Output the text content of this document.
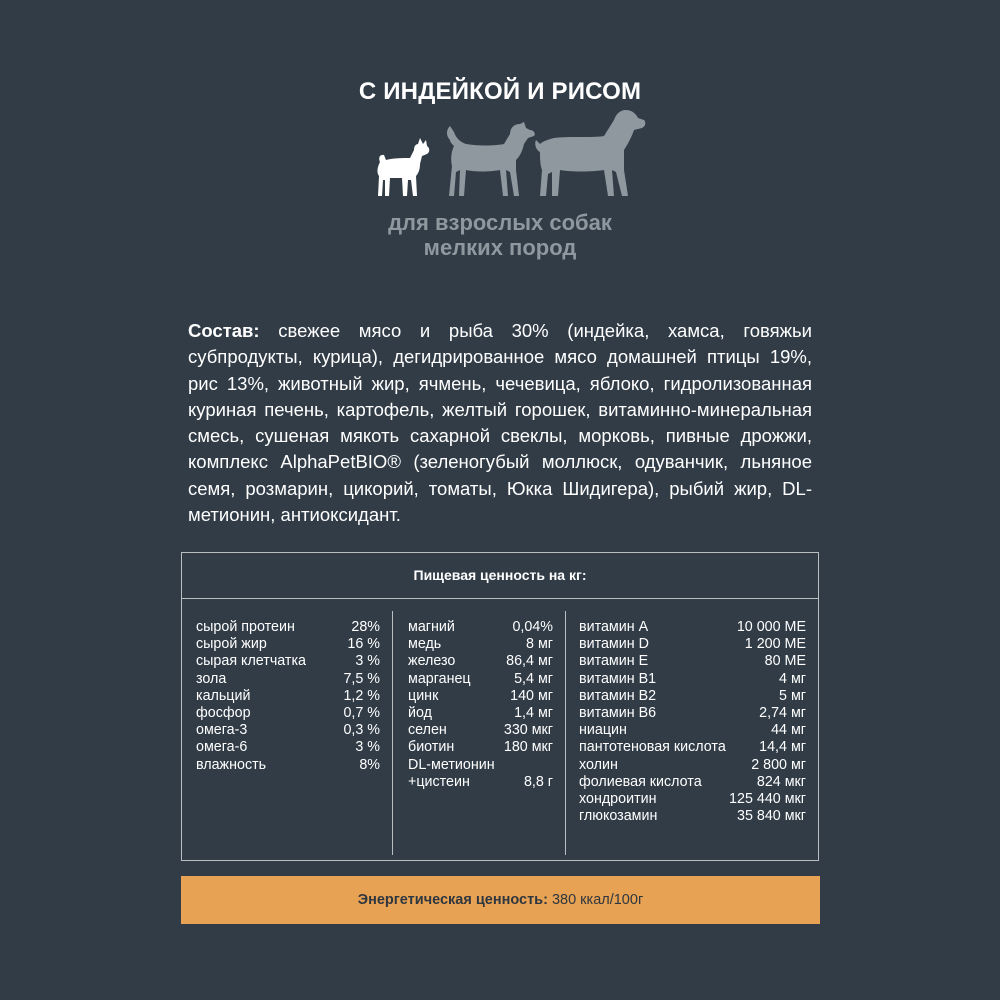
С ИНДЕЙКОЙ И РИСОМ
для взрослых собак
мелких пород
Состав: свежее мясо и рыба 30% (индейка, хамса, говяжьи субпродукты, курица), дегидрированное мясо домашней птицы 19%, рис 13%, животный жир, ячмень, чечевица, яблоко, гидролизованная куриная печень, картофель, желтый горошек, витаминно-минеральная смесь, сушеная мякоть сахарной свеклы, морковь, пивные дрожжи, комплекс AlphaPetBIO® (зеленогубый моллюск, одуванчик, льняное семя, розмарин, цикорий, томаты, Юкка Шидигера), рыбий жир, DL-метионин, антиоксидант.
Пищевая ценность на кг:
сырой протеин	28%
сырой жир	16 %
сырая клетчатка	3 %
зола	7,5 %
кальций	1,2 %
фосфор	0,7 %
омега-3	0,3 %
омега-6	3 %
влажность	8%
магний	0,04%
медь	8 мг
железо	86,4 мг
марганец	5,4 мг
цинк	140 мг
йод	1,4 мг
селен	330 мкг
биотин	180 мкг
DL-метионин
+цистеин	8,8 г
витамин A	10 000 МЕ
витамин D	1 200 МЕ
витамин E	80 МЕ
витамин B1	4 мг
витамин B2	5 мг
витамин B6	2,74 мг
ниацин	44 мг
пантотеновая кислота 14,4 мг
холин	2 800 мг
фолиевая кислота	824 мкг
хондроитин	125 440 мкг
глюкозамин	35 840 мкг
Энергетическая ценность: 380 ккал/100г
